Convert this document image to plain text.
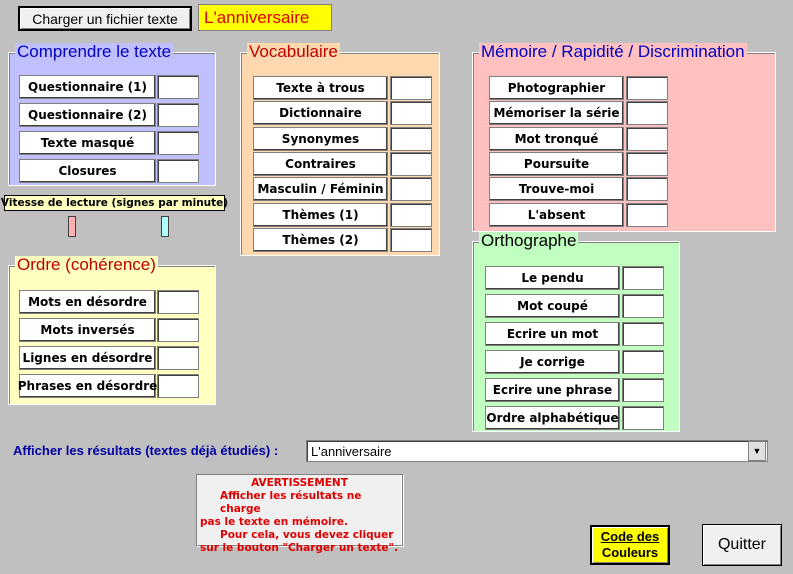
Charger un fichier texte	L'anniversaire
Comprendre le texte
Questionnaire (1)
Questionnaire (2)
Texte masqué
Closures
Vitesse de lecture (signes par minute)
Vocabulaire
Texte à trous
Dictionnaire
Synonymes
Contraires
Masculin / Féminin
Thèmes (1)
Thèmes (2)
Mémoire / Rapidité / Discrimination
Photographier
Mémoriser la série
Mot tronqué
Poursuite
Trouve-moi
L'absent
Ordre (cohérence)
Mots en désordre
Mots inversés
Lignes en désordre
Phrases en désordre
Orthographe
Le pendu
Mot coupé
Ecrire un mot
Je corrige
Ecrire une phrase
Ordre alphabétique
Afficher les résultats (textes déjà étudiés) :	L'anniversaire	▼
AVERTISSEMENT
Afficher les résultats ne charge
pas le texte en mémoire.
Pour cela, vous devez cliquer
sur le bouton "Charger un texte".
Code des
Couleurs	Quitter
